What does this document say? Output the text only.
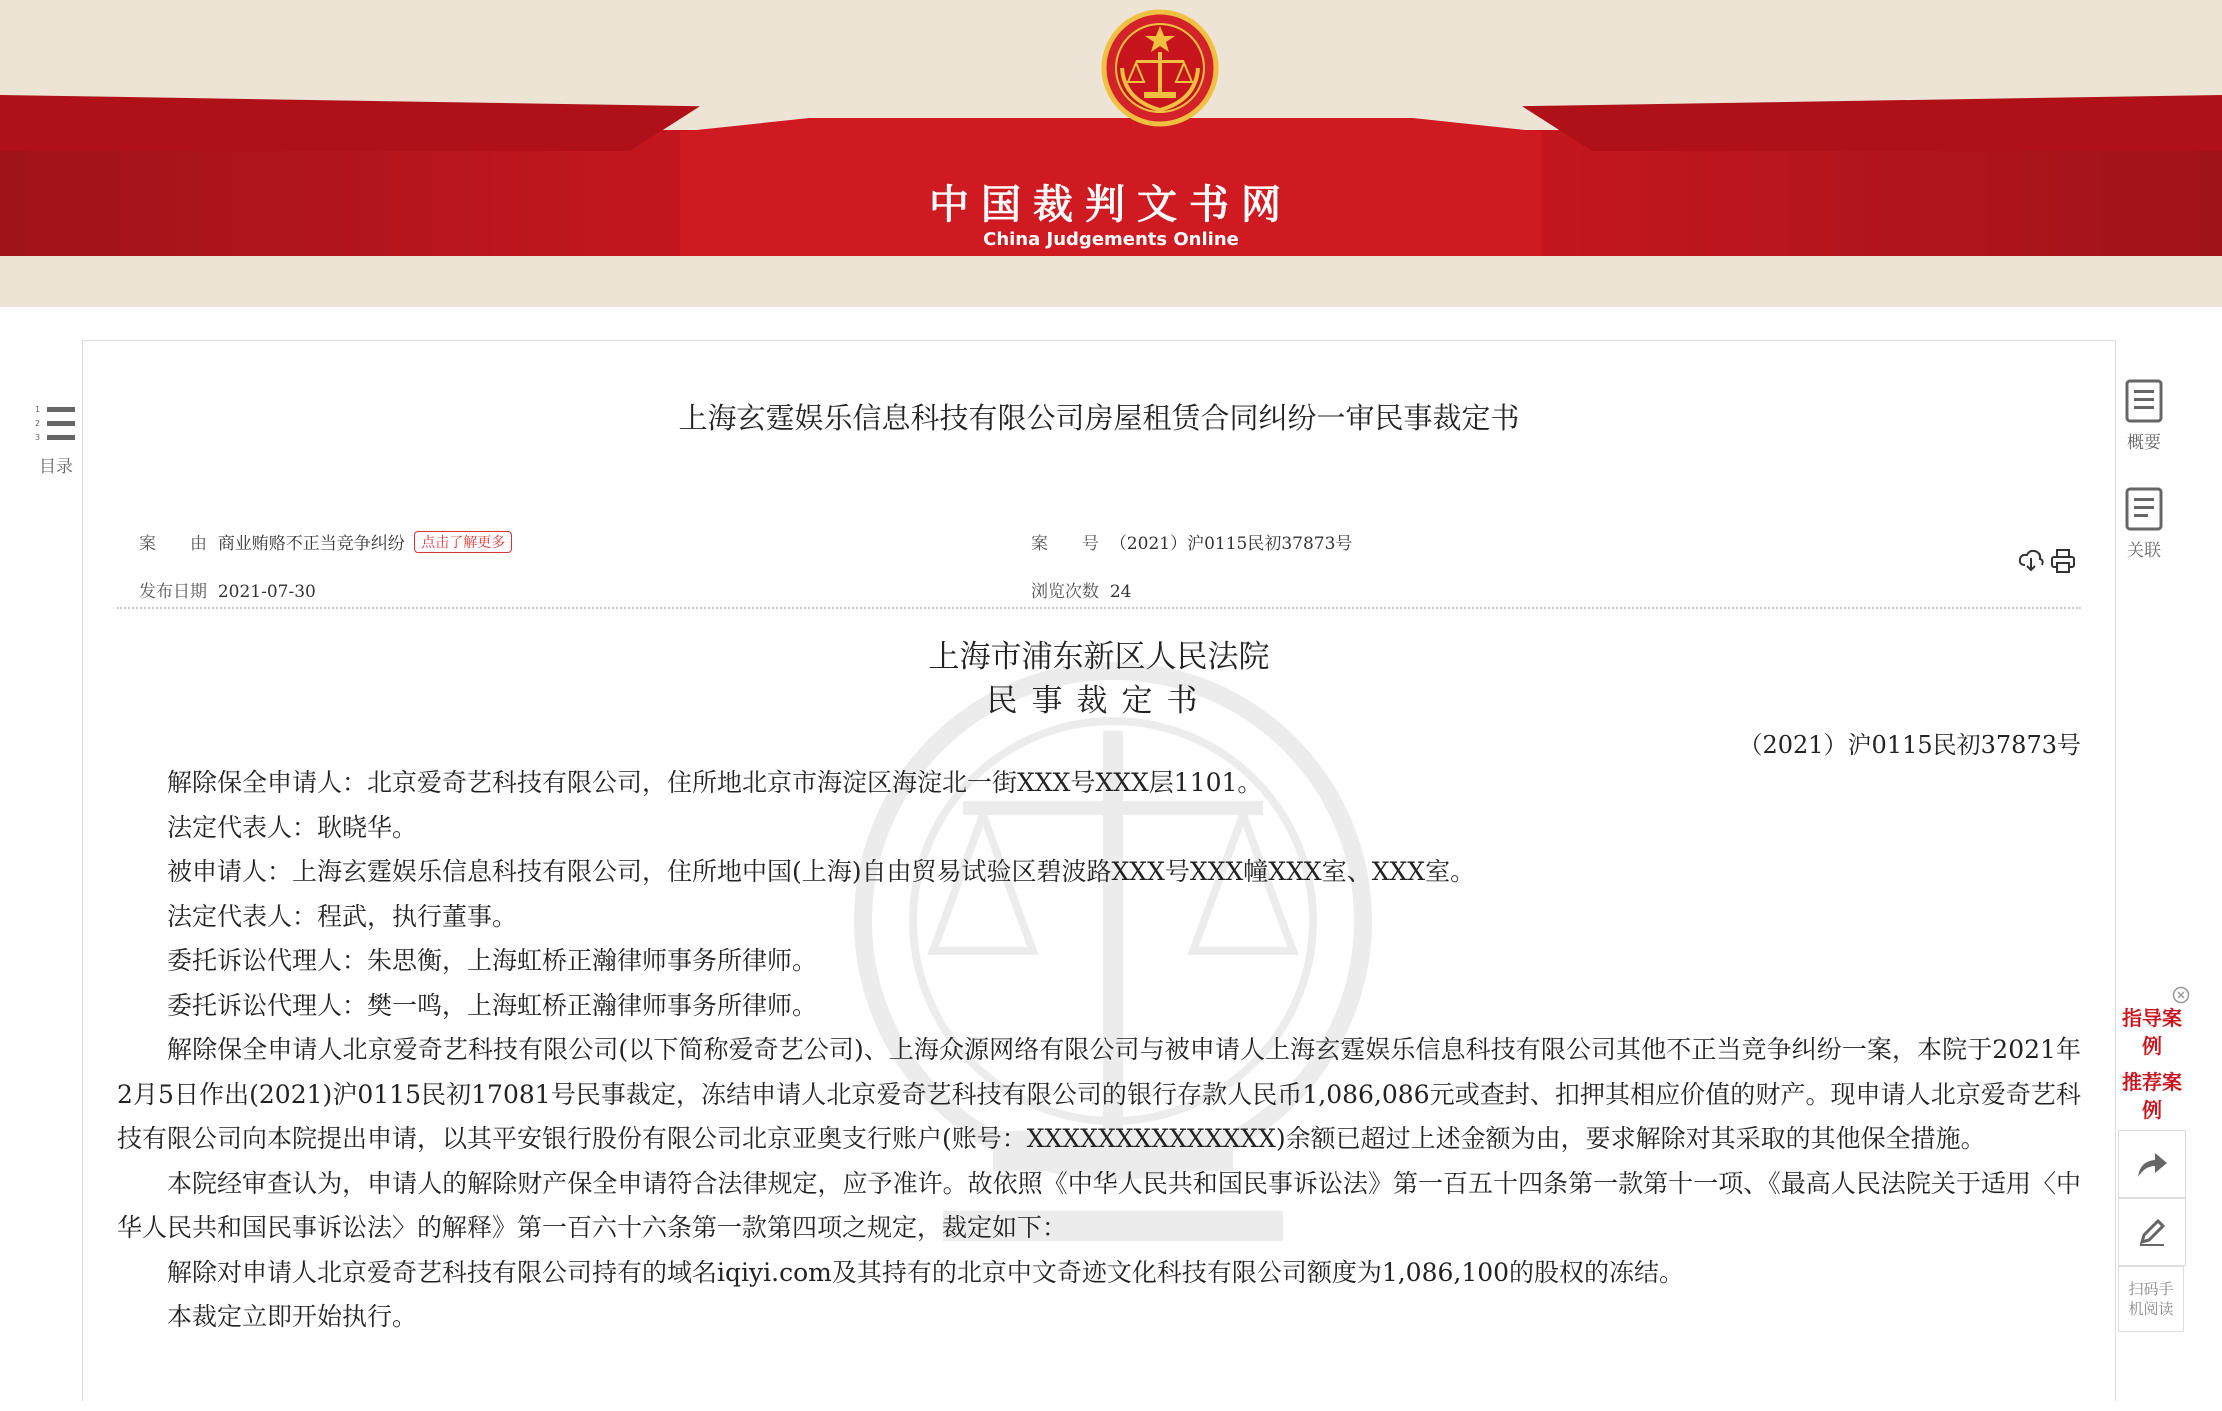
中国裁判文书网
China Judgements Online
1
2
3
目录
上海玄霆娱乐信息科技有限公司房屋租赁合同纠纷一审民事裁定书
案　　由 商业贿赂不正当竞争纠纷 点击了解更多	案　　号 （2021）沪0115民初37873号
发布日期 2021-07-30	浏览次数 24
上海市浦东新区人民法院
民事裁定书
（2021）沪0115民初37873号

解除保全申请人：北京爱奇艺科技有限公司，住所地北京市海淀区海淀北一街XXX号XXX层1101。

法定代表人：耿晓华。

被申请人：上海玄霆娱乐信息科技有限公司，住所地中国(上海)自由贸易试验区碧波路XXX号XXX幢XXX室、XXX室。

法定代表人：程武，执行董事。

委托诉讼代理人：朱思衡，上海虹桥正瀚律师事务所律师。

委托诉讼代理人：樊一鸣，上海虹桥正瀚律师事务所律师。

解除保全申请人北京爱奇艺科技有限公司(以下简称爱奇艺公司)、上海众源网络有限公司与被申请人上海玄霆娱乐信息科技有限公司其他不正当竞争纠纷一案，本院于2021年2月5日作出(2021)沪0115民初17081号民事裁定，冻结申请人北京爱奇艺科技有限公司的银行存款人民币1,086,086元或查封、扣押其相应价值的财产。现申请人北京爱奇艺科技有限公司向本院提出申请，以其平安银行股份有限公司北京亚奥支行账户(账号：XXXXXXXXXXXXXX)余额已超过上述金额为由，要求解除对其采取的其他保全措施。

本院经审查认为，申请人的解除财产保全申请符合法律规定，应予准许。故依照《中华人民共和国民事诉讼法》第一百五十四条第一款第十一项、《最高人民法院关于适用〈中华人民共和国民事诉讼法〉的解释》第一百六十六条第一款第四项之规定，裁定如下：

解除对申请人北京爱奇艺科技有限公司持有的域名iqiyi.com及其持有的北京中文奇迹文化科技有限公司额度为1,086,100的股权的冻结。

本裁定立即开始执行。

概要
关联
指导案例
推荐案例
扫码手机阅读
